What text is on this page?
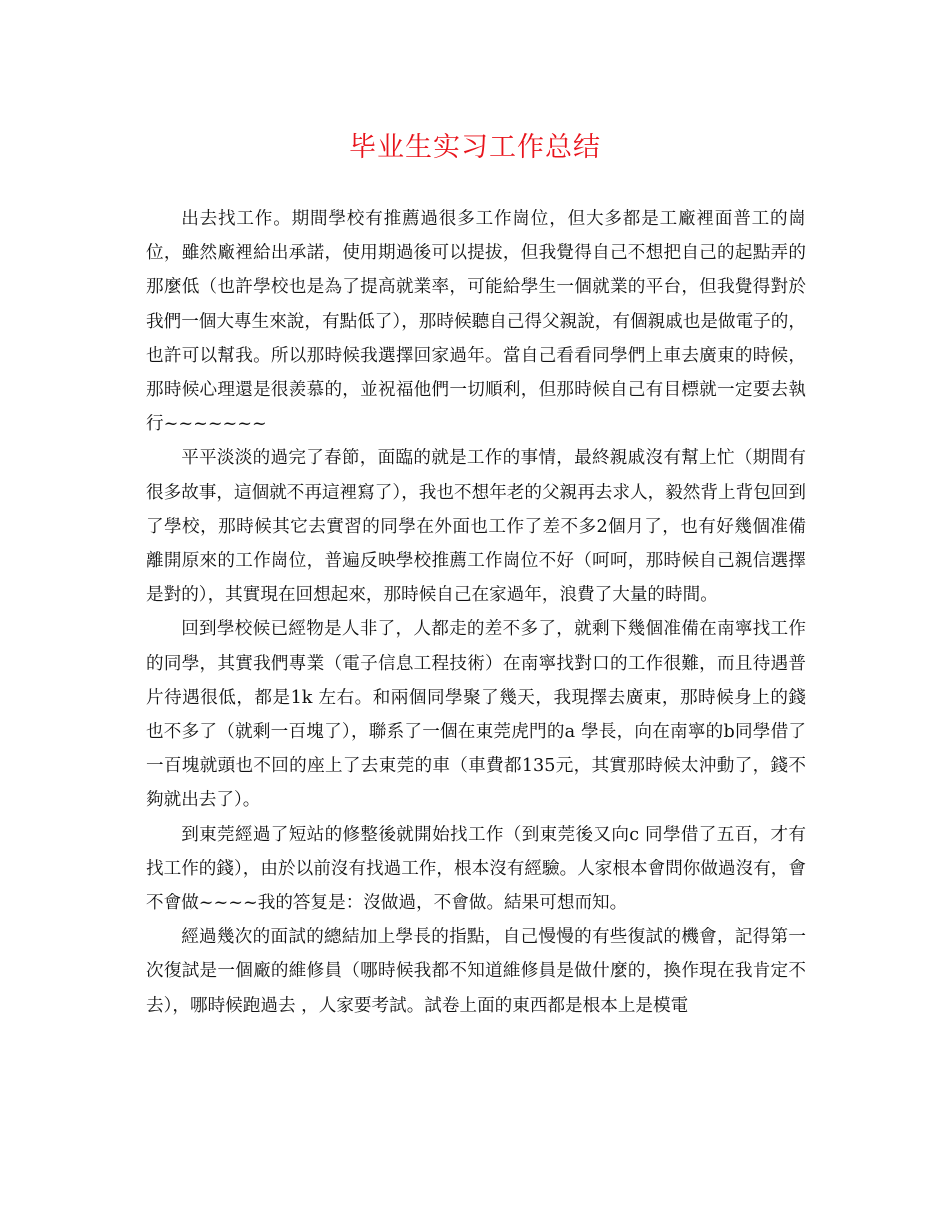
毕业生实习工作总结

出去找工作。期間學校有推薦過很多工作崗位，但大多都是工廠裡面普工的崗位，雖然廠裡給出承諾，使用期過後可以提拔，但我覺得自己不想把自己的起點弄的那麼低（也許學校也是為了提高就業率，可能給學生一個就業的平台，但我覺得對於我們一個大專生來說，有點低了），那時候聽自己得父親說，有個親戚也是做電子的，也許可以幫我。所以那時候我選擇回家過年。當自己看看同學們上車去廣東的時候，那時候心理還是很羨慕的，並祝福他們一切順利，但那時候自己有目標就一定要去執行~~~~~~~

平平淡淡的過完了春節，面臨的就是工作的事情，最終親戚沒有幫上忙（期間有很多故事，這個就不再這裡寫了），我也不想年老的父親再去求人，毅然背上背包回到了學校，那時候其它去實習的同學在外面也工作了差不多2個月了，也有好幾個准備離開原來的工作崗位，普遍反映學校推薦工作崗位不好（呵呵，那時候自己親信選擇是對的），其實現在回想起來，那時候自己在家過年，浪費了大量的時間。

回到學校候已經物是人非了，人都走的差不多了，就剩下幾個准備在南寧找工作的同學，其實我們專業（電子信息工程技術）在南寧找對口的工作很難，而且待遇普片待遇很低，都是1k 左右。和兩個同學聚了幾天，我現擇去廣東，那時候身上的錢也不多了（就剩一百塊了），聯系了一個在東莞虎門的a 學長，向在南寧的b同學借了一百塊就頭也不回的座上了去東莞的車（車費都135元，其實那時候太沖動了，錢不夠就出去了）。

到東莞經過了短站的修整後就開始找工作（到東莞後又向c 同學借了五百，才有找工作的錢），由於以前沒有找過工作，根本沒有經驗。人家根本會問你做過沒有，會不會做~~~~我的答复是：沒做過，不會做。結果可想而知。

經過幾次的面試的總結加上學長的指點，自己慢慢的有些復試的機會，記得第一次復試是一個廠的維修員（哪時候我都不知道維修員是做什麼的，換作現在我肯定不去），哪時候跑過去 ，人家要考試。試卷上面的東西都是根本上是模電
